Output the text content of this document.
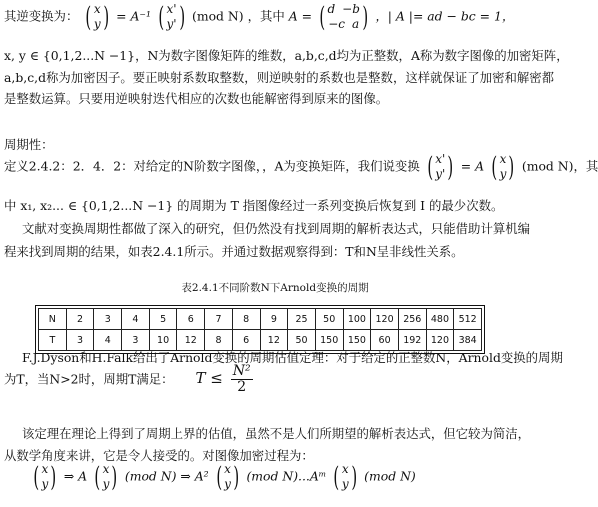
其逆变换为： ( x
y ) = A⁻¹ ( x'
y' ) (mod N) ，其中 A = ( d −b
−c a ) ，| A |= ad − bc = 1，
x, y ∈ {0,1,2...N −1}，N为数字图像矩阵的维数，a,b,c,d均为正整数，A称为数字图像的加密矩阵，
a,b,c,d称为加密因子。要正映射系数取整数，则逆映射的系数也是整数，这样就保证了加密和解密都
是整数运算。只要用逆映射迭代相应的次数也能解密得到原来的图像。
周期性：
定义2.4.2：2．4．2：对给定的N阶数字图像，，A为变换矩阵，我们说变换 ( x'
y' ) = A ( x
y ) (mod N)，其
中 x₁, x₂... ∈ {0,1,2...N −1} 的周期为 T 指图像经过一系列变换后恢复到 I 的最少次数。
文献对变换周期性都做了深入的研究，但仍然没有找到周期的解析表达式，只能借助计算机编
程来找到周期的结果，如表2.4.1所示。并通过数据观察得到：T和N呈非线性关系。
表2.4.1不同阶数N下Arnold变换的周期
N	2	3	4	5	6	7	8	9	25	50	100	120	256	480	512
T	3	4	3	10	12	8	6	12	50	150	150	60	192	120	384
F.J.Dyson和H.Falk给出了Arnold变换的周期估值定理：对于给定的正整数N，Arnold变换的周期
为T，当N>2时，周期T满足： $T \le \frac{\text{N²}}{2}$
该定理在理论上得到了周期上界的估值，虽然不是人们所期望的解析表达式，但它较为简洁，
从数学角度来讲，它是令人接受的。对图像加密过程为：
( x
y ) ⇒ A ( x
y ) (mod N) ⇒ A² ( x
y ) (mod N)...Aᵐ ( x
y ) (mod N)
